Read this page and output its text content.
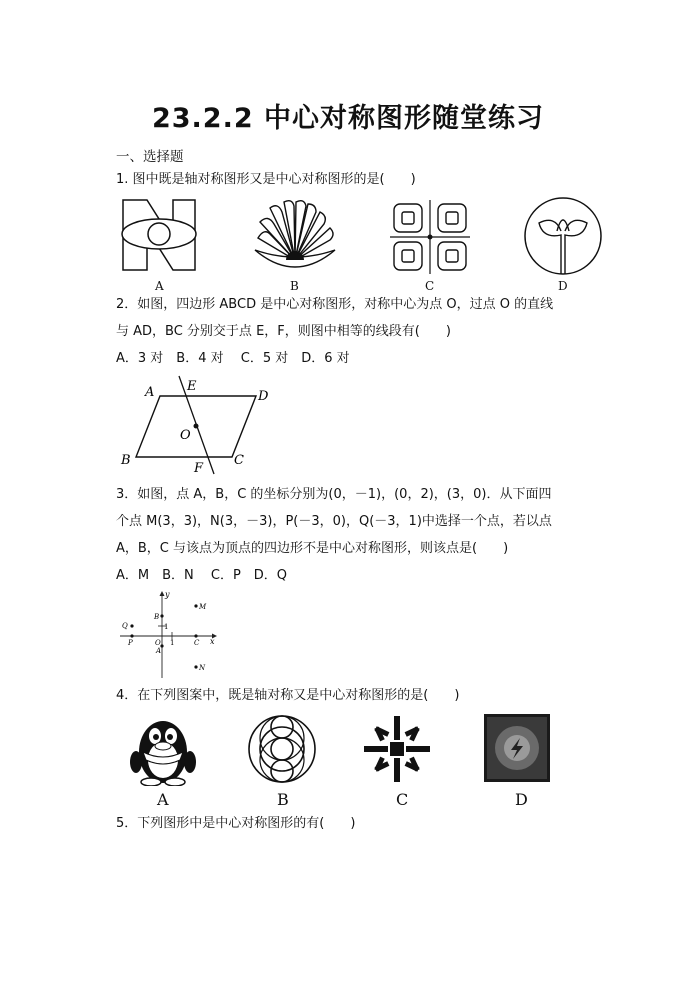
23.2.2 中心对称图形随堂练习
一、选择题
1. 图中既是轴对称图形又是中心对称图形的是(　　)
A	B	C	D
2．如图，四边形 ABCD 是中心对称图形，对称中心为点 O，过点 O 的直线
与 AD，BC 分别交于点 E，F，则图中相等的线段有(　　)
A．3 对　B．4 对　 C．5 对　D．6 对
A	E
D
O
B
F
C
3．如图，点 A，B，C 的坐标分别为(0，－1)，(0，2)，(3，0)．从下面四
个点 M(3，3)，N(3，－3)，P(－3，0)，Q(－3，1)中选择一个点，若以点
A，B，C 与该点为顶点的四边形不是中心对称图形，则该点是(　　)
A．M　B．N　 C．P　D．Q
y
x
M
N
P
Q
O
B
A
C
1
1
4．在下列图案中，既是轴对称又是中心对称图形的是(　　)
A	B	C	D
5．下列图形中是中心对称图形的有(　　)
